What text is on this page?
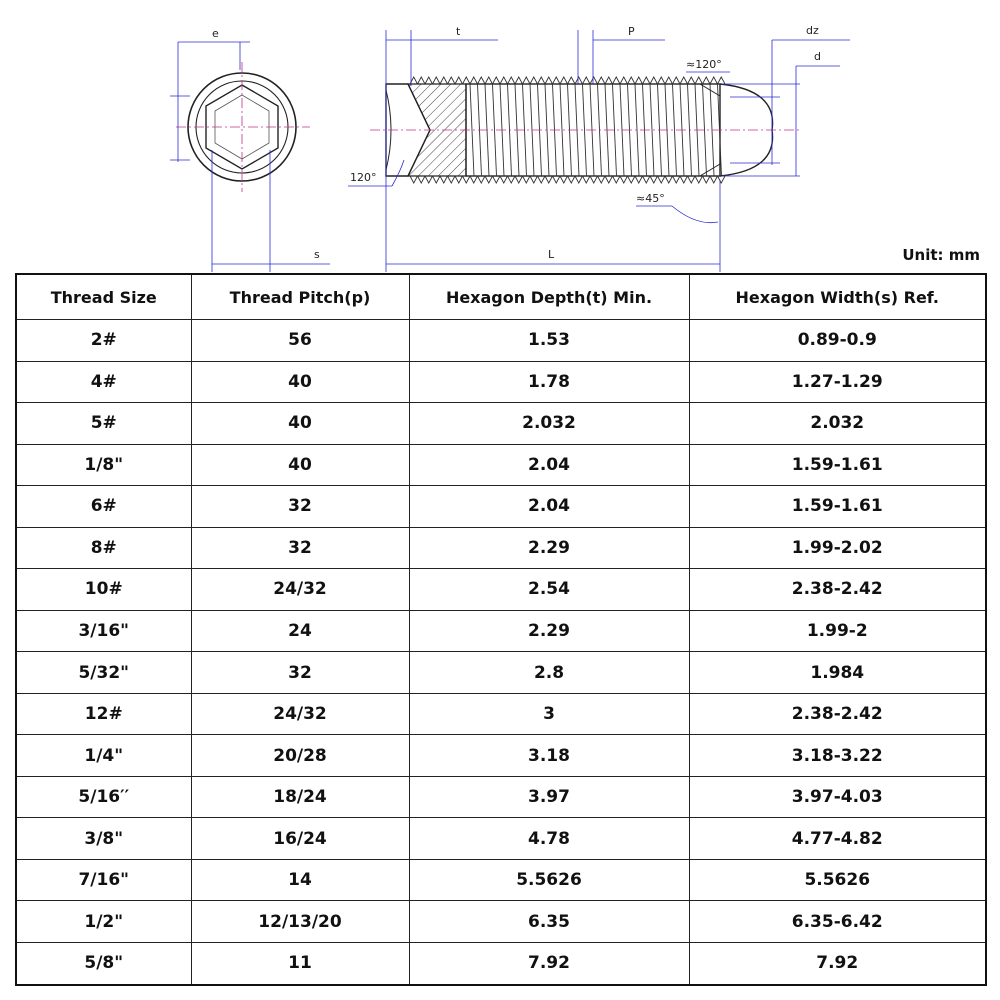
e
s
t	P	dz
d
L
120°
≈120°
≈45°
Unit: mm
Thread Size	Thread Pitch(p)	Hexagon Depth(t) Min.	Hexagon Width(s) Ref.
2#	56	1.53	0.89-0.9
4#	40	1.78	1.27-1.29
5#	40	2.032	2.032
1/8"	40	2.04	1.59-1.61
6#	32	2.04	1.59-1.61
8#	32	2.29	1.99-2.02
10#	24/32	2.54	2.38-2.42
3/16"	24	2.29	1.99-2
5/32"	32	2.8	1.984
12#	24/32	3	2.38-2.42
1/4"	20/28	3.18	3.18-3.22
5/16′′	18/24	3.97	3.97-4.03
3/8"	16/24	4.78	4.77-4.82
7/16"	14	5.5626	5.5626
1/2"	12/13/20	6.35	6.35-6.42
5/8"	11	7.92	7.92
